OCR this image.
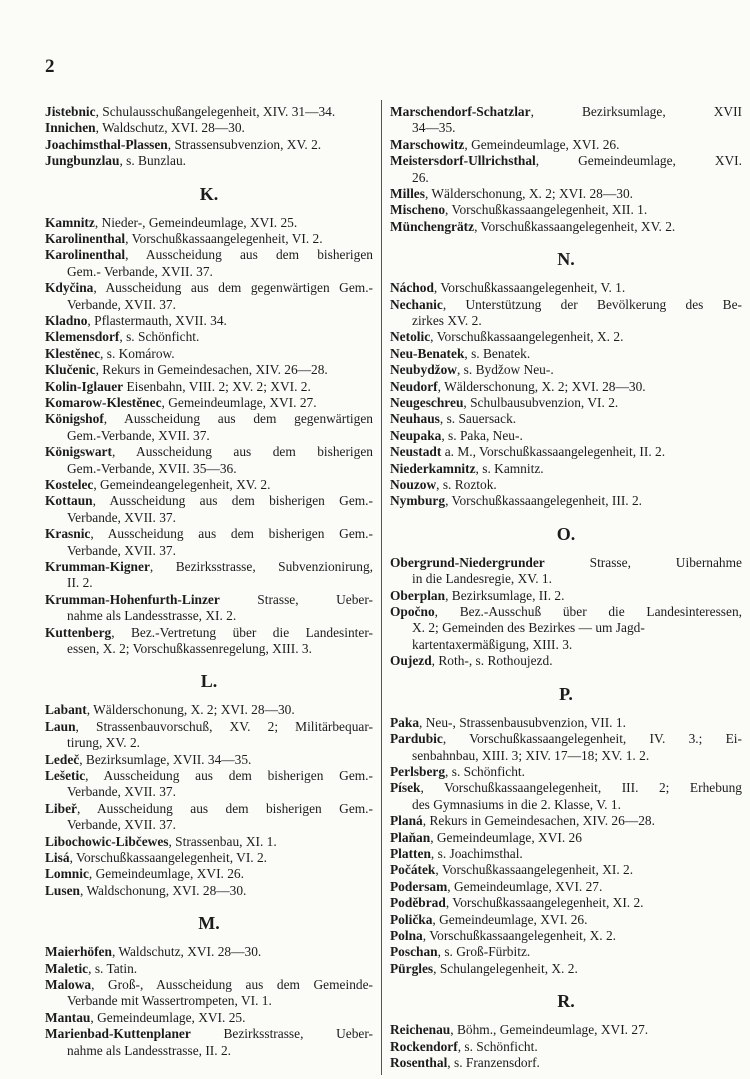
2
Jistebnic, Schulausschußangelegenheit, XIV. 31—34.
Innichen, Waldschutz, XVI. 28—30.
Joachimsthal-Plassen, Strassensubvenzion, XV. 2.
Jungbunzlau, s. Bunzlau.
K.
Kamnitz, Nieder-, Gemeindeumlage, XVI. 25.
Karolinenthal, Vorschußkassaangelegenheit, VI. 2.
Karolinenthal, Ausscheidung aus dem bisherigen
Gem.- Verbande, XVII. 37.
Kdyčina, Ausscheidung aus dem gegenwärtigen Gem.-
Verbande, XVII. 37.
Kladno, Pflastermauth, XVII. 34.
Klemensdorf, s. Schönficht.
Klestěnec, s. Komárow.
Klučenic, Rekurs in Gemeindesachen, XIV. 26—28.
Kolin-Iglauer Eisenbahn, VIII. 2; XV. 2; XVI. 2.
Komarow-Klestěnec, Gemeindeumlage, XVI. 27.
Königshof, Ausscheidung aus dem gegenwärtigen
Gem.-Verbande, XVII. 37.
Königswart, Ausscheidung aus dem bisherigen
Gem.-Verbande, XVII. 35—36.
Kostelec, Gemeindeangelegenheit, XV. 2.
Kottaun, Ausscheidung aus dem bisherigen Gem.-
Verbande, XVII. 37.
Krasnic, Ausscheidung aus dem bisherigen Gem.-
Verbande, XVII. 37.
Krumman-Kigner, Bezirksstrasse, Subvenzionirung,
II. 2.
Krumman-Hohenfurth-Linzer Strasse, Ueber-
nahme als Landesstrasse, XI. 2.
Kuttenberg, Bez.-Vertretung über die Landesinter-
essen, X. 2; Vorschußkassenregelung, XIII. 3.
L.
Labant, Wälderschonung, X. 2; XVI. 28—30.
Laun, Strassenbauvorschuß, XV. 2; Militärbequar-
tirung, XV. 2.
Ledeč, Bezirksumlage, XVII. 34—35.
Lešetic, Ausscheidung aus dem bisherigen Gem.-
Verbande, XVII. 37.
Libeř, Ausscheidung aus dem bisherigen Gem.-
Verbande, XVII. 37.
Libochowic-Libčewes, Strassenbau, XI. 1.
Lisá, Vorschußkassaangelegenheit, VI. 2.
Lomnic, Gemeindeumlage, XVI. 26.
Lusen, Waldschonung, XVI. 28—30.
M.
Maierhöfen, Waldschutz, XVI. 28—30.
Maletic, s. Tatin.
Malowa, Groß-, Ausscheidung aus dem Gemeinde-
Verbande mit Wassertrompeten, VI. 1.
Mantau, Gemeindeumlage, XVI. 25.
Marienbad-Kuttenplaner Bezirksstrasse, Ueber-
nahme als Landesstrasse, II. 2.
Marschendorf-Schatzlar, Bezirksumlage, XVII
34—35.
Marschowitz, Gemeindeumlage, XVI. 26.
Meistersdorf-Ullrichsthal, Gemeindeumlage, XVI.
26.
Milles, Wälderschonung, X. 2; XVI. 28—30.
Mischeno, Vorschußkassaangelegenheit, XII. 1.
Münchengrätz, Vorschußkassaangelegenheit, XV. 2.
N.
Náchod, Vorschußkassaangelegenheit, V. 1.
Nechanic, Unterstützung der Bevölkerung des Be-
zirkes XV. 2.
Netolic, Vorschußkassaangelegenheit, X. 2.
Neu-Benatek, s. Benatek.
Neubydžow, s. Bydžow Neu-.
Neudorf, Wälderschonung, X. 2; XVI. 28—30.
Neugeschreu, Schulbausubvenzion, VI. 2.
Neuhaus, s. Sauersack.
Neupaka, s. Paka, Neu-.
Neustadt a. M., Vorschußkassaangelegenheit, II. 2.
Niederkamnitz, s. Kamnitz.
Nouzow, s. Roztok.
Nymburg, Vorschußkassaangelegenheit, III. 2.
O.
Obergrund-Niedergrunder Strasse, Uibernahme
in die Landesregie, XV. 1.
Oberplan, Bezirksumlage, II. 2.
Opočno, Bez.-Ausschuß über die Landesinteressen,
X. 2; Gemeinden des Bezirkes — um Jagd-
kartentaxermäßigung, XIII. 3.
Oujezd, Roth-, s. Rothoujezd.
P.
Paka, Neu-, Strassenbausubvenzion, VII. 1.
Pardubic, Vorschußkassaangelegenheit, IV. 3.; Ei-
senbahnbau, XIII. 3; XIV. 17—18; XV. 1. 2.
Perlsberg, s. Schönficht.
Písek, Vorschußkassaangelegenheit, III. 2; Erhebung
des Gymnasiums in die 2. Klasse, V. 1.
Planá, Rekurs in Gemeindesachen, XIV. 26—28.
Plaňan, Gemeindeumlage, XVI. 26
Platten, s. Joachimsthal.
Počátek, Vorschußkassaangelegenheit, XI. 2.
Podersam, Gemeindeumlage, XVI. 27.
Poděbrad, Vorschußkassaangelegenheit, XI. 2.
Polička, Gemeindeumlage, XVI. 26.
Polna, Vorschußkassaangelegenheit, X. 2.
Poschan, s. Groß-Fürbitz.
Pürgles, Schulangelegenheit, X. 2.
R.
Reichenau, Böhm., Gemeindeumlage, XVI. 27.
Rockendorf, s. Schönficht.
Rosenthal, s. Franzensdorf.
